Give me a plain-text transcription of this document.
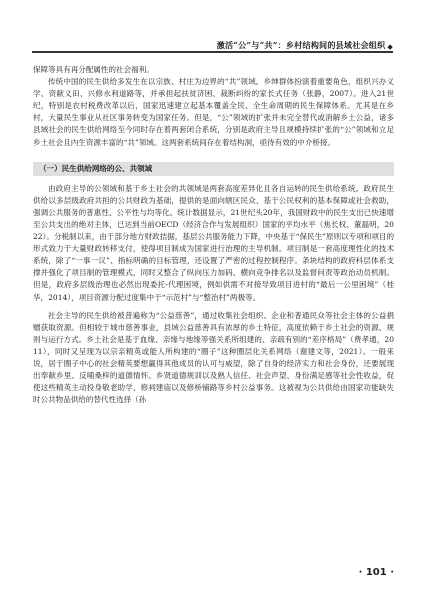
激活“公”与“共”：乡村结构间的县域社会组织 ◆

保障等具有再分配属性的社会福利。

传统中国的民生供给多发生在以宗族、村庄为边界的“共”领域。乡绅群体扮演着重要角色，组织兴办义学、资献义田、兴修水利道路等，并承担起扶贫济困、裁断纠纷的家长式任务（张静，2007）。进入21世纪，特别是农村税费改革以后，国家迅速建立起基本覆盖全民、全生命周期的民生保障体系。尤其是在乡村，大量民生事业从社区事务转变为国家任务。但是，“公”领域的扩张并未完全替代或消解乡土公益，诸多县域社会的民生供给网络至今同时存在着两套闭合系统，分别是政府主导且规模持续扩张的“公”领域和立足乡土社会且内生资源丰富的“共”领域。这两套系统间存在着结构洞，亟待有效的中介桥接。

（一）民生供给网络的公、共领域

由政府主导的公领域和基于乡土社会的共领域是两套高度差异化且各自运转的民生供给系统。政府民生供给以多层级政府共担的公共财政为基础，提供的是面向辖区民众、基于公民权利的基本保障或社会救助，强调公共服务的普惠性、公平性与均等化。统计数据显示，21世纪头20年，我国财政中的民生支出已快速增至公共支出的绝对主体，已达到当前OECD（经济合作与发展组织）国家的平均水平（焦长权、董磊明，2022）。分税制以来，由于部分地方财政拮据，基层公共服务能力下降，中央基于“保民生”原则以专项和项目的形式致力于大量财政转移支付，使得项目制成为国家进行治理的主导机制。项目制是一套高度理性化的技术系统，除了“一事一议”、指标明确的目标管理，还设置了严密的过程控制程序。条块结构的政府科层体系支撑并强化了项目制的管理模式，同时又整合了纵向压力加码、横向竞争排名以及监督问责等政治动员机制。但是，政府多层级治理也必然出现委托-代理困境，例如供需不对接导致项目进村的“最后一公里困境”（桂华，2014），项目资源分配过度集中于“示范村”与“整治村”两极等。

社会主导的民生供给被普遍称为“公益慈善”，通过收集社会组织、企业和普通民众等社会主体的公益捐赠获取资源。但相较于城市慈善事业，县域公益慈善具有浓厚的乡土特征，高度依赖于乡土社会的资源、规则与运行方式。乡土社会是基于血缘、亲缘与地缘等强关系所组建的、亲疏有别的“差序格局”（费孝通，2011），同时又呈现为以宗亲精英或能人所构建的“圈子”这种圈层化关系网络（谢建文等，2021）。一般来说，居于圈子中心的社会精英要想赢得其他成员的认可与威望，除了自身的经济实力和社会身份，还要展现出奉献乡里、反哺桑梓的道德情怀。乡贤道德规训以及熟人信任、社会声望、身份满足感等社会性收益，促使这些精英主动投身敬老助学、修祠建庙以及修桥铺路等乡村公益事务。这被视为公共供给由国家功能缺失时公共物品供给的替代性选择（孙

· 101 ·
